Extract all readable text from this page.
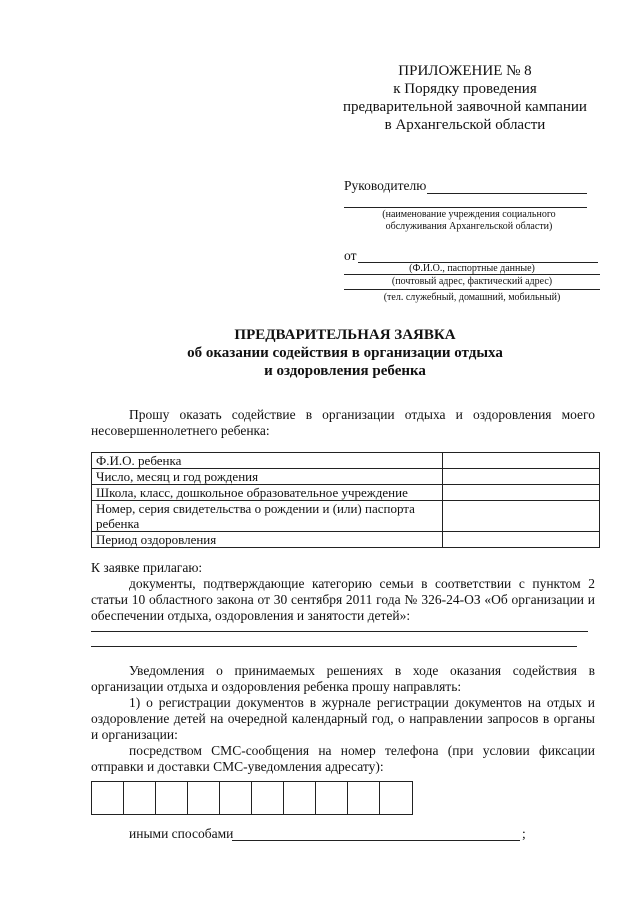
ПРИЛОЖЕНИЕ № 8
к Порядку проведения
предварительной заявочной кампании
в Архангельской области
Руководителю
(наименование учреждения социального
обслуживания Архангельской области)
от
(Ф.И.О., паспортные данные)
(почтовый адрес, фактический адрес)
(тел. служебный, домашний, мобильный)
ПРЕДВАРИТЕЛЬНАЯ ЗАЯВКА
об оказании содействия в организации отдыха
и оздоровления ребенка
Прошу оказать содействие в организации отдыха и оздоровления моего несовершеннолетнего ребенка:
Ф.И.О. ребенка	
Число, месяц и год рождения	
Школа, класс, дошкольное образовательное учреждение	
Номер, серия свидетельства о рождении и (или) паспорта ребенка	
Период оздоровления	
К заявке прилагаю:
документы, подтверждающие категорию семьи в соответствии с пунктом 2 статьи 10 областного закона от 30 сентября 2011 года № 326-24-ОЗ «Об организации и обеспечении отдыха, оздоровления и занятости детей»:
Уведомления о принимаемых решениях в ходе оказания содействия в организации отдыха и оздоровления ребенка прошу направлять:
1) о регистрации документов в журнале регистрации документов на отдых и оздоровление детей на очередной календарный год, о направлении запросов в органы и организации:
посредством СМС-сообщения на номер телефона (при условии фиксации отправки и доставки СМС-уведомления адресату):
иными способами	;
